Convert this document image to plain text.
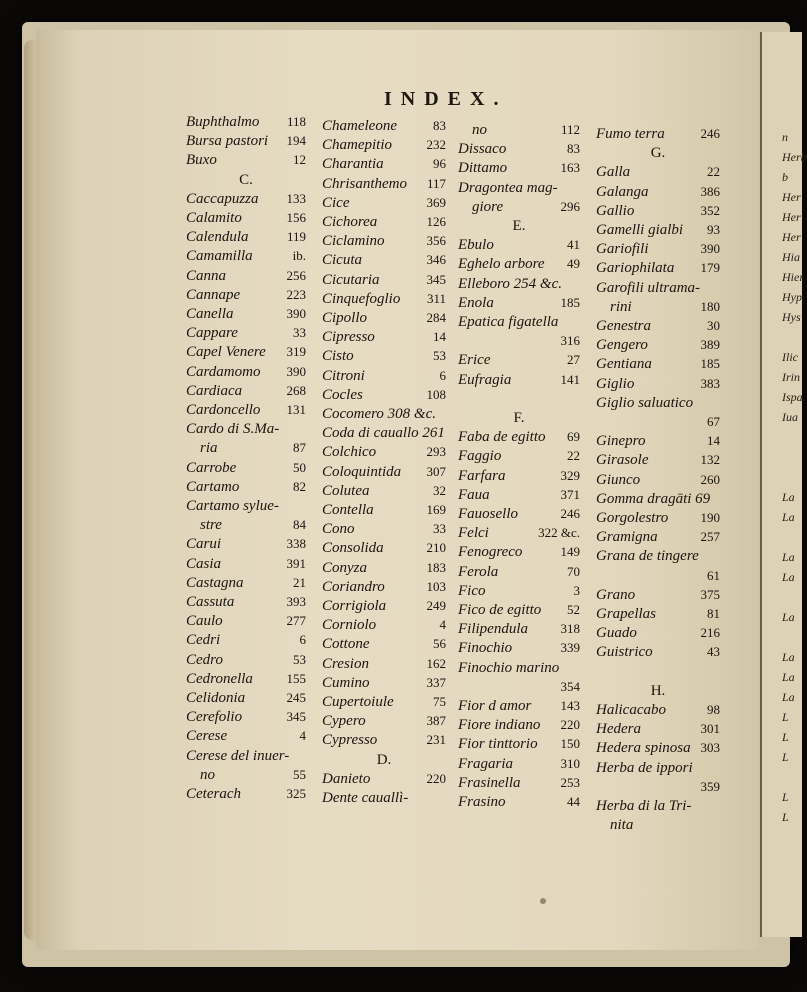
n
Herb
b
Her
Her
Her
Hia
Hier
Hyp
Hys
Ilic
Irin
Ispa
Iua
La
La
La
La
La
La
La
La
L
L
L
L
L
INDEX.
Buphthalmo 118
Bursa pastori 194
Buxo	12
C.
Caccapuzza 133
Calamito	156
Calendula	119
Camamilla	ib.
Canna	256
Cannape	223
Canella	390
Cappare	33
Capel Venere 319
Cardamomo 390
Cardiaca	268
Cardoncello 131
Cardo di S.Ma-
ria	87
Carrobe	50
Cartamo	82
Cartamo sylue-
stre	84
Carui	338
Casia	391
Castagna	21
Cassuta	393
Caulo	277
Cedri	6
Cedro	53
Cedronella	155
Celidonia	245
Cerefolio	345
Cerese	4
Cerese del inuer-
no	55
Ceterach	325
Chameleone	83
Chamepitio	232
Charantia	96
Chrisanthemo 117
Cice	369
Cichorea	126
Ciclamino	356
Cicuta	346
Cicutaria	345
Cinquefoglio 311
Cipollo	284
Cipresso	14
Cisto	53
Citroni	6
Cocles	108
Cocomero 308 &c.
Coda di cauallo 261
Colchico	293
Coloquintida 307
Colutea	32
Contella	169
Cono	33
Consolida	210
Conyza	183
Coriandro	103
Corrigiola	249
Corniolo	4
Cottone	56
Cresion	162
Cumino	337
Cupertoiule	75
Cypero	387
Cypresso	231
D.
Danieto	220
Dente cauallì-
no	112
Dissaco	83
Dittamo	163
Dragontea mag-
giore	296
E.
Ebulo	41
Eghelo arbore 49
Elleboro 254 &c.
Enola	185
Epatica figatella
316
Erice	27
Eufragia	141
F.
Faba de egitto 69
Faggio	22
Farfara	329
Faua	371
Fauosello	246
Felci	322 &c.
Fenogreco	149
Ferola	70
Fico	3
Fico de egitto 52
Filipendula	318
Finochio	339
Finochio marino
354
Fior d amor 143
Fiore indiano 220
Fior tinttorio 150
Fragaria	310
Frasinella	253
Frasino	44
Fumo terra	246
G.
Galla	22
Galanga	386
Gallio	352
Gamelli gialbi 93
Gariofili	390
Gariophilata 179
Garofili ultrama-
rini	180
Genestra	30
Gengero	389
Gentiana	185
Giglio	383
Giglio saluatico
67
Ginepro	14
Girasole	132
Giunco	260
Gomma dragāti 69
Gorgolestro 190
Gramigna	257
Grana de tingere
61
Grano	375
Grapellas	81
Guado	216
Guistrico	43
H.
Halicacabo	98
Hedera	301
Hedera spinosa 303
Herba de ippori
359
Herba di la Tri-
nita
